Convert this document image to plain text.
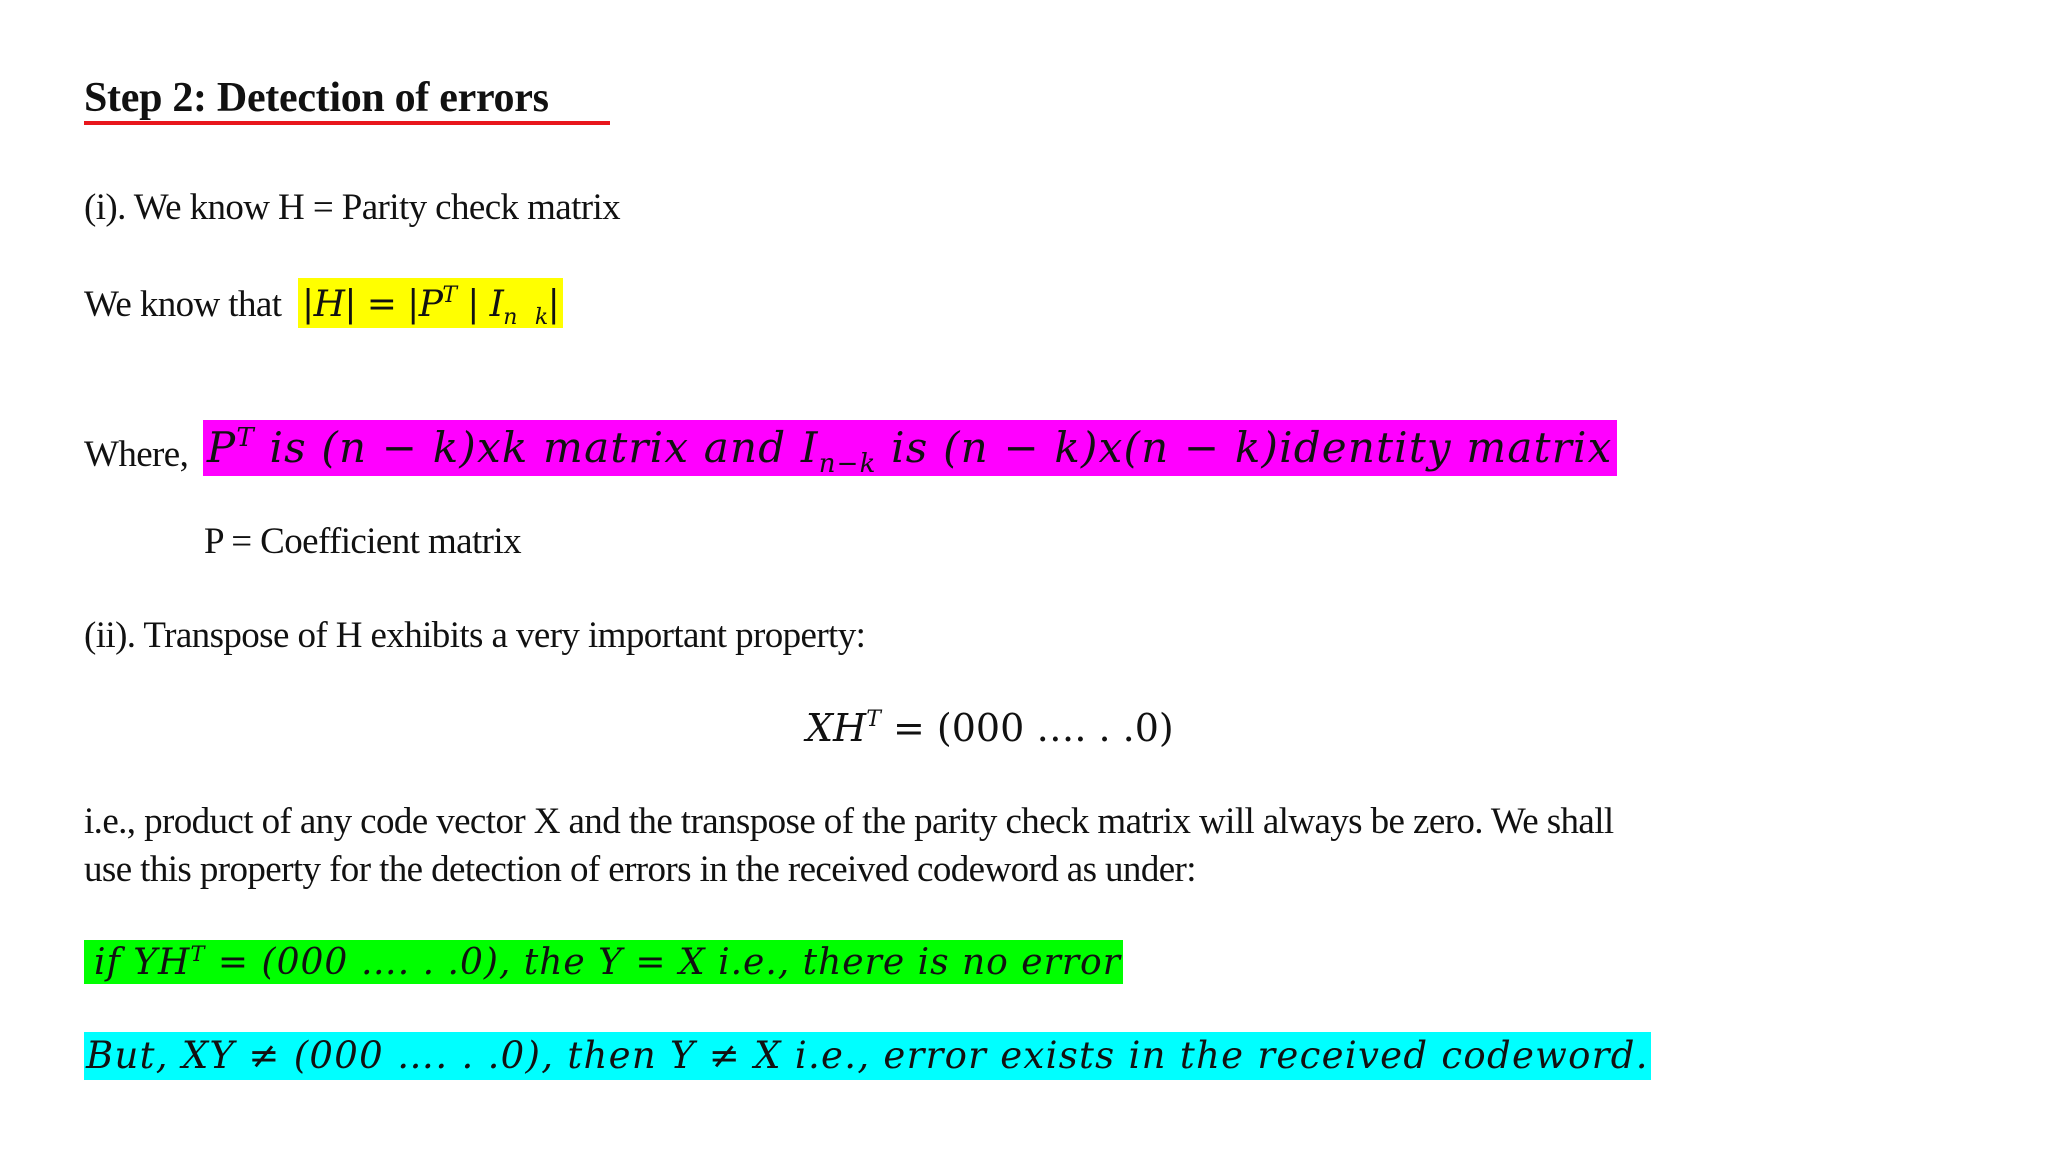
Step 2: Detection of errors
(i). We know H = Parity check matrix
We know that $|H| = |P^T$ | $I_n$ $_k$|
Where, $P^T$ is (n − k)xk matrix and $I_{n-k}$ is (n − k)x(n − k)identity matrix
P = Coefficient matrix
(ii). Transpose of H exhibits a very important property:
$XH^T = (000$ …. . .0)
i.e., product of any code vector X and the transpose of the parity check matrix will always be zero. We shall
use this property for the detection of errors in the received codeword as under:
if $YH^T = (000$ …. . .0), the Y = X i.e., there is no error
But, XY ≠ (000 …. . .0), then Y ≠ X i.e., error exists in the received codeword.
